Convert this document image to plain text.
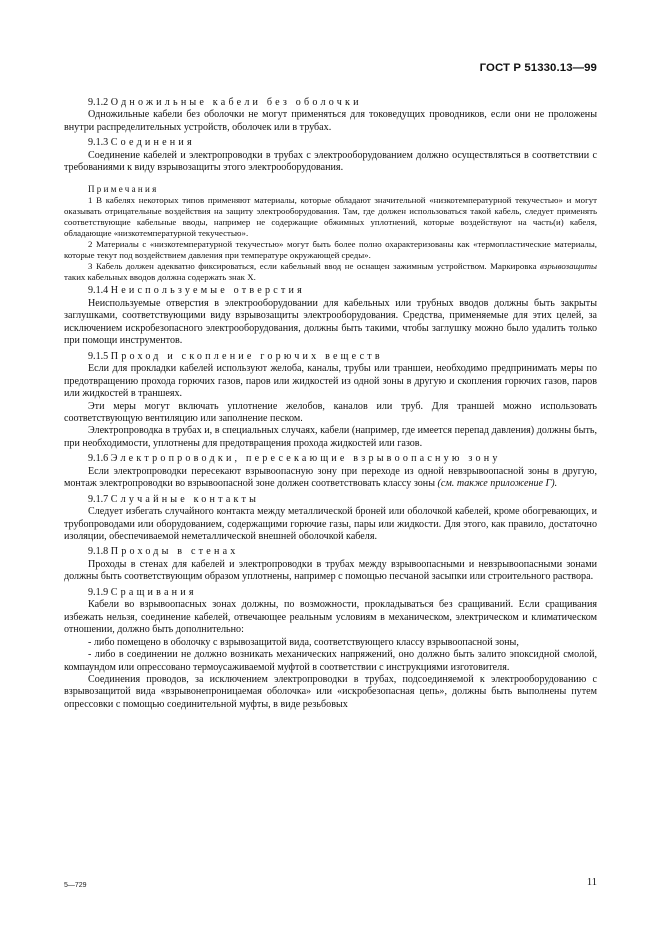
ГОСТ Р 51330.13—99
9.1.2 Одножильные кабели без оболочки

Одножильные кабели без оболочки не могут применяться для токоведущих проводников, если они не проложены внутри распределительных устройств, оболочек или в трубах.

9.1.3 Соединения

Соединение кабелей и электропроводки в трубах с электрооборудованием должно осуществляться в соответствии с требованиями к виду взрывозащиты этого электрооборудования.

Примечания

1 В кабелях некоторых типов применяют материалы, которые обладают значительной «низкотемпературной текучестью» и могут оказывать отрицательные воздействия на защиту электрооборудования. Там, где должен использоваться такой кабель, следует применять соответствующие кабельные вводы, например не содержащие обжимных уплотнений, которые воздействуют на часть(и) кабеля, обладающие «низкотемпературной текучестью».

2 Материалы с «низкотемпературной текучестью» могут быть более полно охарактеризованы как «термопластические материалы, которые текут под воздействием давления при температуре окружающей среды».

3 Кабель должен адекватно фиксироваться, если кабельный ввод не оснащен зажимным устройством. Маркировка взрывозащиты таких кабельных вводов должна содержать знак Х.

9.1.4 Неиспользуемые отверстия

Неиспользуемые отверстия в электрооборудовании для кабельных или трубных вводов должны быть закрыты заглушками, соответствующими виду взрывозащиты электрооборудования. Средства, применяемые для этих целей, за исключением искробезопасного электрооборудования, должны быть такими, чтобы заглушку можно было удалить только при помощи инструментов.

9.1.5 Проход и скопление горючих веществ

Если для прокладки кабелей используют желоба, каналы, трубы или траншеи, необходимо предпринимать меры по предотвращению прохода горючих газов, паров или жидкостей из одной зоны в другую и скопления горючих газов, паров или жидкостей в траншеях.

Эти меры могут включать уплотнение желобов, каналов или труб. Для траншей можно использовать соответствующую вентиляцию или заполнение песком.

Электропроводка в трубах и, в специальных случаях, кабели (например, где имеется перепад давления) должны быть, при необходимости, уплотнены для предотвращения прохода жидкостей или газов.

9.1.6 Электропроводки, пересекающие взрывоопасную зону

Если электропроводки пересекают взрывоопасную зону при переходе из одной невзрывоопасной зоны в другую, монтаж электропроводки во взрывоопасной зоне должен соответствовать классу зоны (см. также приложение Г).

9.1.7 Случайные контакты

Следует избегать случайного контакта между металлической броней или оболочкой кабелей, кроме обогревающих, и трубопроводами или оборудованием, содержащими горючие газы, пары или жидкости. Для этого, как правило, достаточно изоляции, обеспечиваемой неметаллической внешней оболочкой кабеля.

9.1.8 Проходы в стенах

Проходы в стенах для кабелей и электропроводки в трубах между взрывоопасными и невзрывоопасными зонами должны быть соответствующим образом уплотнены, например с помощью песчаной засыпки или строительного раствора.

9.1.9 Сращивания

Кабели во взрывоопасных зонах должны, по возможности, прокладываться без сращиваний. Если сращивания избежать нельзя, соединение кабелей, отвечающее реальным условиям в механическом, электрическом и климатическом отношении, должно быть дополнительно:

- либо помещено в оболочку с взрывозащитой вида, соответствующего классу взрывоопасной зоны,

- либо в соединении не должно возникать механических напряжений, оно должно быть залито эпоксидной смолой, компаундом или опрессовано термоусаживаемой муфтой в соответствии с инструкциями изготовителя.

Соединения проводов, за исключением электропроводки в трубах, подсоединяемой к электрооборудованию с взрывозащитой вида «взрывонепроницаемая оболочка» или «искробезопасная цепь», должны быть выполнены путем опрессовки с помощью соединительной муфты, в виде резьбовых

5—729	11
